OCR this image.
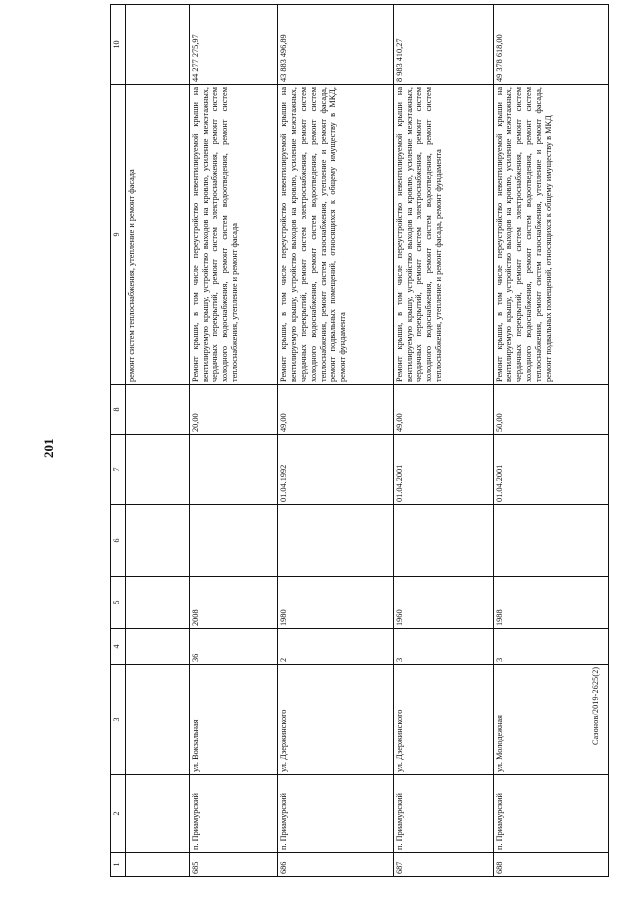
201
Сазонов/2019-2625(2)
1	2	3	4	5	6	7	8	9	10
								ремонт систем теплоснабжения, утепление и ремонт фасада	
685	п. Приамурский	ул. Вокзальная	36	2008			20,00	Ремонт крыши, в том числе переустройство невентилируемой крыши на вентилируемую крышу, устройство выходов на кровлю, усиление межэтажных, чердачных перекрытий, ремонт систем электроснабжения, ремонт систем холодного водоснабжения, ремонт систем водоотведения, ремонт систем теплоснабжения, утепление и ремонт фасада	44 277 275,97
686	п. Приамурский	ул. Дзержинского	2	1980		01.04.1992	49,00	Ремонт крыши, в том числе переустройство невентилируемой крыши на вентилируемую крышу, устройство выходов на кровлю, усиление межэтажных, чердачных перекрытий, ремонт систем электроснабжения, ремонт систем холодного водоснабжения, ремонт систем водоотведения, ремонт систем теплоснабжения, ремонт систем газоснабжения, утепление и ремонт фасада, ремонт подвальных помещений, относящихся к общему имуществу в МКД, ремонт фундамента	43 883 496,89
687	п. Приамурский	ул. Дзержинского	3	1960		01.04.2001	49,00	Ремонт крыши, в том числе переустройство невентилируемой крыши на вентилируемую крышу, устройство выходов на кровлю, усиление межэтажных, чердачных перекрытий, ремонт систем электроснабжения, ремонт систем холодного водоснабжения, ремонт систем водоотведения, ремонт систем теплоснабжения, утепление и ремонт фасада, ремонт фундамента	8 983 410,27
688	п. Приамурский	ул. Молодежная	3	1988		01.04.2001	50,00	Ремонт крыши, в том числе переустройство невентилируемой крыши на вентилируемую крышу, устройство выходов на кровлю, усиление межэтажных, чердачных перекрытий, ремонт систем электроснабжения, ремонт систем холодного водоснабжения, ремонт систем водоотведения, ремонт систем теплоснабжения, ремонт систем газоснабжения, утепление и ремонт фасада, ремонт подвальных помещений, относящихся к общему имуществу в МКД	49 378 618,00
